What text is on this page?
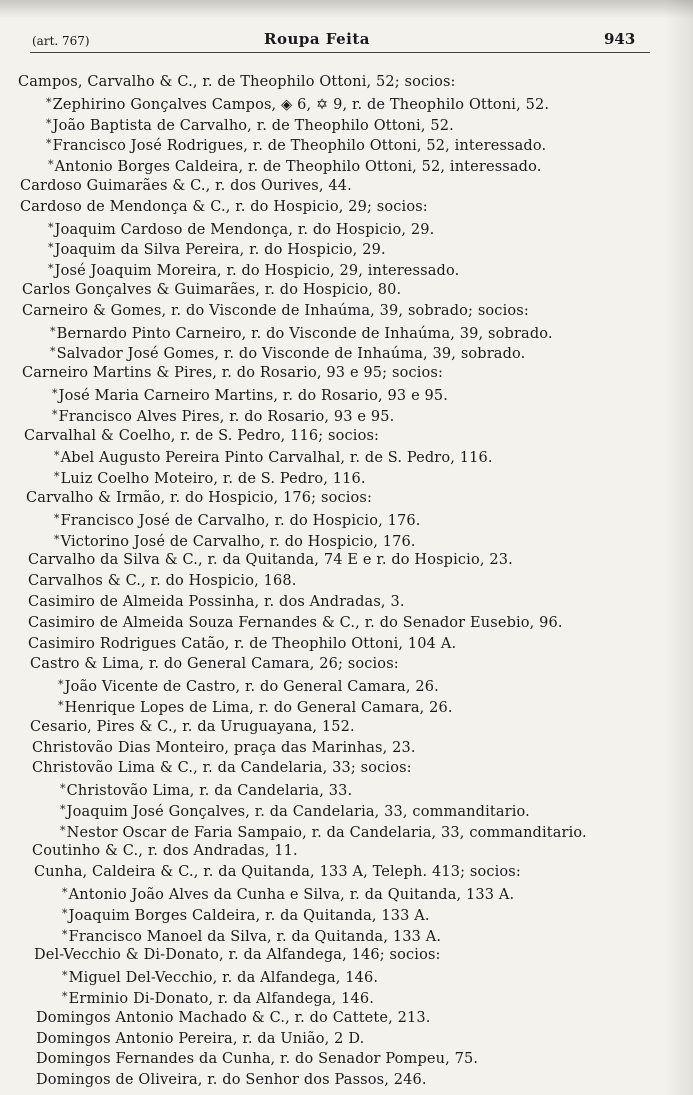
(art. 767)	Roupa Feita	943
Campos, Carvalho & C., r. de Theophilo Ottoni, 52; socios:
* Zephirino Gonçalves Campos, ◈ 6, ✡ 9, r. de Theophilo Ottoni, 52.
* João Baptista de Carvalho, r. de Theophilo Ottoni, 52.
* Francisco José Rodrigues, r. de Theophilo Ottoni, 52, interessado.
* Antonio Borges Caldeira, r. de Theophilo Ottoni, 52, interessado.
Cardoso Guimarães & C., r. dos Ourives, 44.
Cardoso de Mendonça & C., r. do Hospicio, 29; socios:
* Joaquim Cardoso de Mendonça, r. do Hospicio, 29.
* Joaquim da Silva Pereira, r. do Hospicio, 29.
* José Joaquim Moreira, r. do Hospicio, 29, interessado.
Carlos Gonçalves & Guimarães, r. do Hospicio, 80.
Carneiro & Gomes, r. do Visconde de Inhaúma, 39, sobrado; socios:
* Bernardo Pinto Carneiro, r. do Visconde de Inhaúma, 39, sobrado.
* Salvador José Gomes, r. do Visconde de Inhaúma, 39, sobrado.
Carneiro Martins & Pires, r. do Rosario, 93 e 95; socios:
* José Maria Carneiro Martins, r. do Rosario, 93 e 95.
* Francisco Alves Pires, r. do Rosario, 93 e 95.
Carvalhal & Coelho, r. de S. Pedro, 116; socios:
* Abel Augusto Pereira Pinto Carvalhal, r. de S. Pedro, 116.
* Luiz Coelho Moteiro, r. de S. Pedro, 116.
Carvalho & Irmão, r. do Hospicio, 176; socios:
* Francisco José de Carvalho, r. do Hospicio, 176.
* Victorino José de Carvalho, r. do Hospicio, 176.
Carvalho da Silva & C., r. da Quitanda, 74 E e r. do Hospicio, 23.
Carvalhos & C., r. do Hospicio, 168.
Casimiro de Almeida Possinha, r. dos Andradas, 3.
Casimiro de Almeida Souza Fernandes & C., r. do Senador Eusebio, 96.
Casimiro Rodrigues Catão, r. de Theophilo Ottoni, 104 A.
Castro & Lima, r. do General Camara, 26; socios:
* João Vicente de Castro, r. do General Camara, 26.
* Henrique Lopes de Lima, r. do General Camara, 26.
Cesario, Pires & C., r. da Uruguayana, 152.
Christovão Dias Monteiro, praça das Marinhas, 23.
Christovão Lima & C., r. da Candelaria, 33; socios:
* Christovão Lima, r. da Candelaria, 33.
* Joaquim José Gonçalves, r. da Candelaria, 33, commanditario.
* Nestor Oscar de Faria Sampaio, r. da Candelaria, 33, commanditario.
Coutinho & C., r. dos Andradas, 11.
Cunha, Caldeira & C., r. da Quitanda, 133 A, Teleph. 413; socios:
* Antonio João Alves da Cunha e Silva, r. da Quitanda, 133 A.
* Joaquim Borges Caldeira, r. da Quitanda, 133 A.
* Francisco Manoel da Silva, r. da Quitanda, 133 A.
Del-Vecchio & Di-Donato, r. da Alfandega, 146; socios:
* Miguel Del-Vecchio, r. da Alfandega, 146.
* Erminio Di-Donato, r. da Alfandega, 146.
Domingos Antonio Machado & C., r. do Cattete, 213.
Domingos Antonio Pereira, r. da União, 2 D.
Domingos Fernandes da Cunha, r. do Senador Pompeu, 75.
Domingos de Oliveira, r. do Senhor dos Passos, 246.
